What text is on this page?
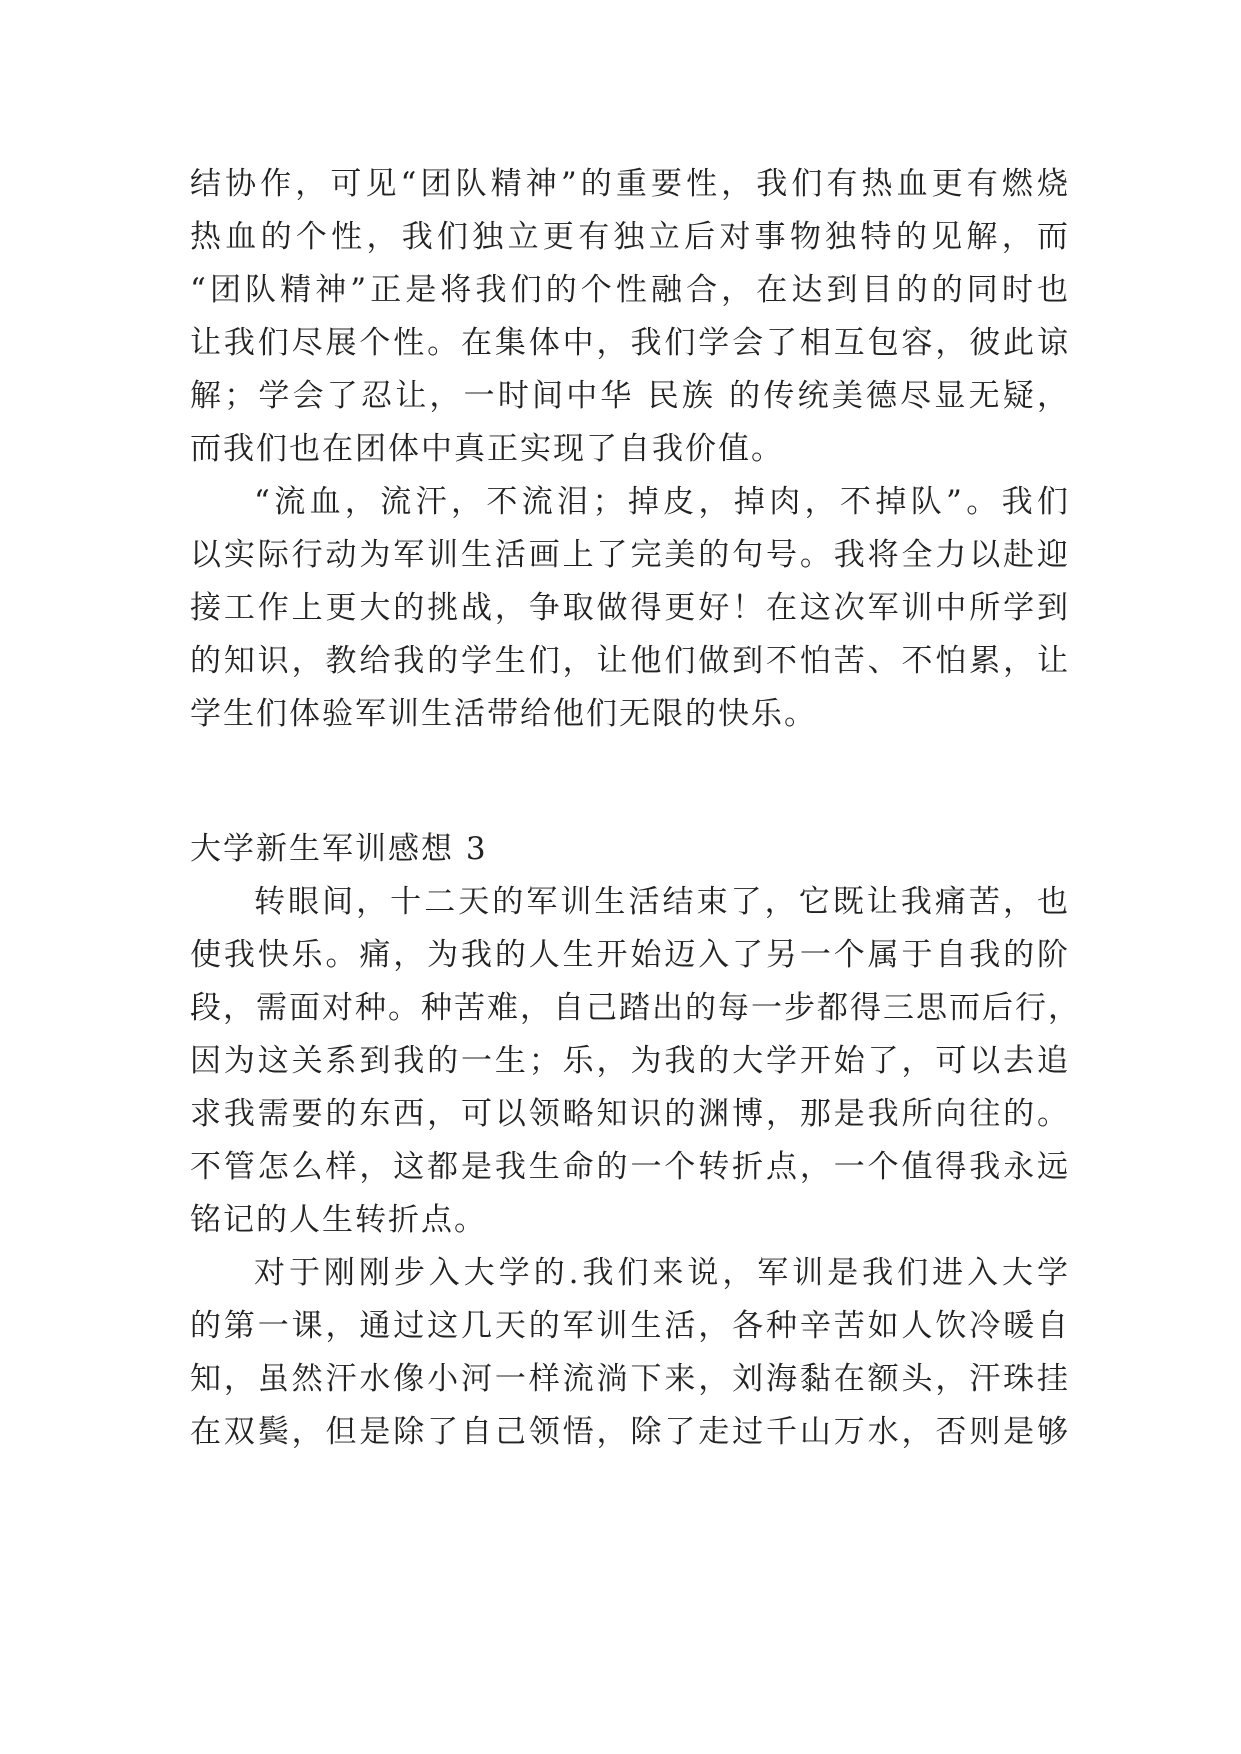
结协作，可见“团队精神”的重要性，我们有热血更有燃烧
热血的个性，我们独立更有独立后对事物独特的见解，而
“团队精神”正是将我们的个性融合，在达到目的的同时也
让我们尽展个性。在集体中，我们学会了相互包容，彼此谅
解；学会了忍让，一时间中华 民族 的传统美德尽显无疑，
而我们也在团体中真正实现了自我价值。
“流血，流汗，不流泪；掉皮，掉肉，不掉队”。我们
以实际行动为军训生活画上了完美的句号。我将全力以赴迎
接工作上更大的挑战，争取做得更好！在这次军训中所学到
的知识，教给我的学生们，让他们做到不怕苦、不怕累，让
学生们体验军训生活带给他们无限的快乐。
大学新生军训感想 3
转眼间，十二天的军训生活结束了，它既让我痛苦，也
使我快乐。痛，为我的人生开始迈入了另一个属于自我的阶
段，需面对种。种苦难，自己踏出的每一步都得三思而后行，
因为这关系到我的一生；乐，为我的大学开始了，可以去追
求我需要的东西，可以领略知识的渊博，那是我所向往的。
不管怎么样，这都是我生命的一个转折点，一个值得我永远
铭记的人生转折点。
对于刚刚步入大学的.我们来说，军训是我们进入大学
的第一课，通过这几天的军训生活，各种辛苦如人饮冷暖自
知，虽然汗水像小河一样流淌下来，刘海黏在额头，汗珠挂
在双鬓，但是除了自己领悟，除了走过千山万水，否则是够
